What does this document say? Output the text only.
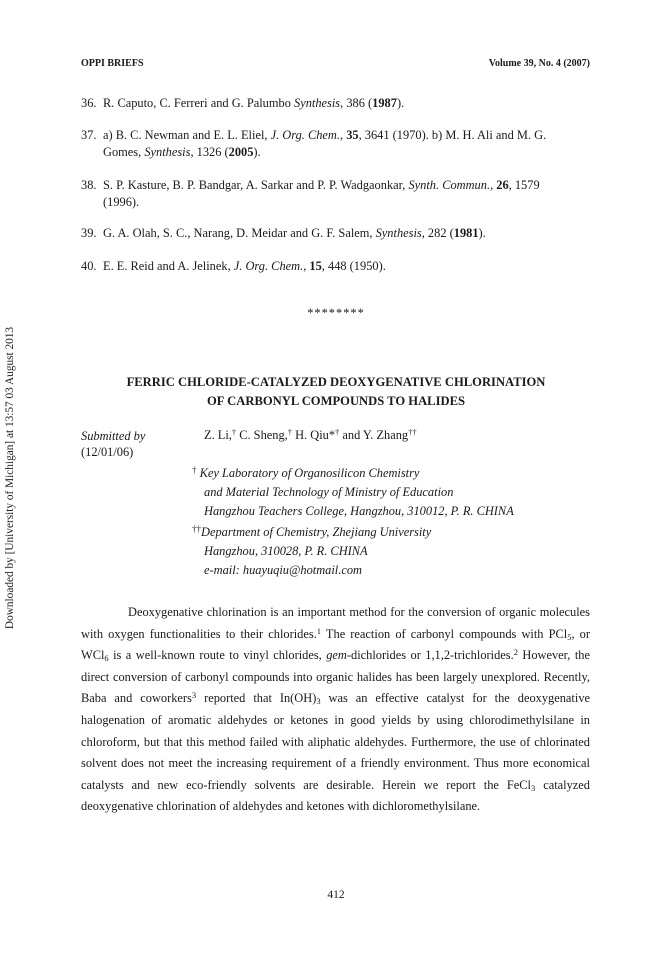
OPPI BRIEFS	Volume 39, No. 4 (2007)
Downloaded by [University of Michigan] at 13:57 03 August 2013
36. R. Caputo, C. Ferreri and G. Palumbo Synthesis, 386 (1987).
37. a) B. C. Newman and E. L. Eliel, J. Org. Chem., 35, 3641 (1970). b) M. H. Ali and M. G.
Gomes, Synthesis, 1326 (2005).
38. S. P. Kasture, B. P. Bandgar, A. Sarkar and P. P. Wadgaonkar, Synth. Commun., 26, 1579
(1996).
39. G. A. Olah, S. C., Narang, D. Meidar and G. F. Salem, Synthesis, 282 (1981).
40. E. E. Reid and A. Jelinek, J. Org. Chem., 15, 448 (1950).
********
FERRIC CHLORIDE-CATALYZED DEOXYGENATIVE CHLORINATION
OF CARBONYL COMPOUNDS TO HALIDES
Submitted by
(12/01/06)
Z. Li,† C. Sheng,† H. Qiu*† and Y. Zhang††
† Key Laboratory of Organosilicon Chemistry
and Material Technology of Ministry of Education
Hangzhou Teachers College, Hangzhou, 310012, P. R. CHINA
††Department of Chemistry, Zhejiang University
Hangzhou, 310028, P. R. CHINA
e-mail: huayuqiu@hotmail.com

Deoxygenative chlorination is an important method for the conversion of organic molecules with oxygen functionalities to their chlorides.$^1$ The reaction of carbonyl compounds with PCl$_5$, or WCl$_6$ is a well-known route to vinyl chlorides, gem-dichlorides or 1,1,2-trichlorides.$^2$ However, the direct conversion of carbonyl compounds into organic halides has been largely unexplored. Recently, Baba and coworkers$^3$ reported that $In(OH)_3$ was an effective catalyst for the deoxygenative halogenation of aromatic aldehydes or ketones in good yields by using chlorodimethylsilane in chloroform, but that this method failed with aliphatic aldehydes. Furthermore, the use of chlorinated solvent does not meet the increasing requirement of a friendly environment. Thus more economical catalysts and new eco-friendly solvents are desirable. Herein we report the FeCl$_3$ catalyzed deoxygenative chlorination of aldehydes and ketones with dichloromethylsilane.

412
